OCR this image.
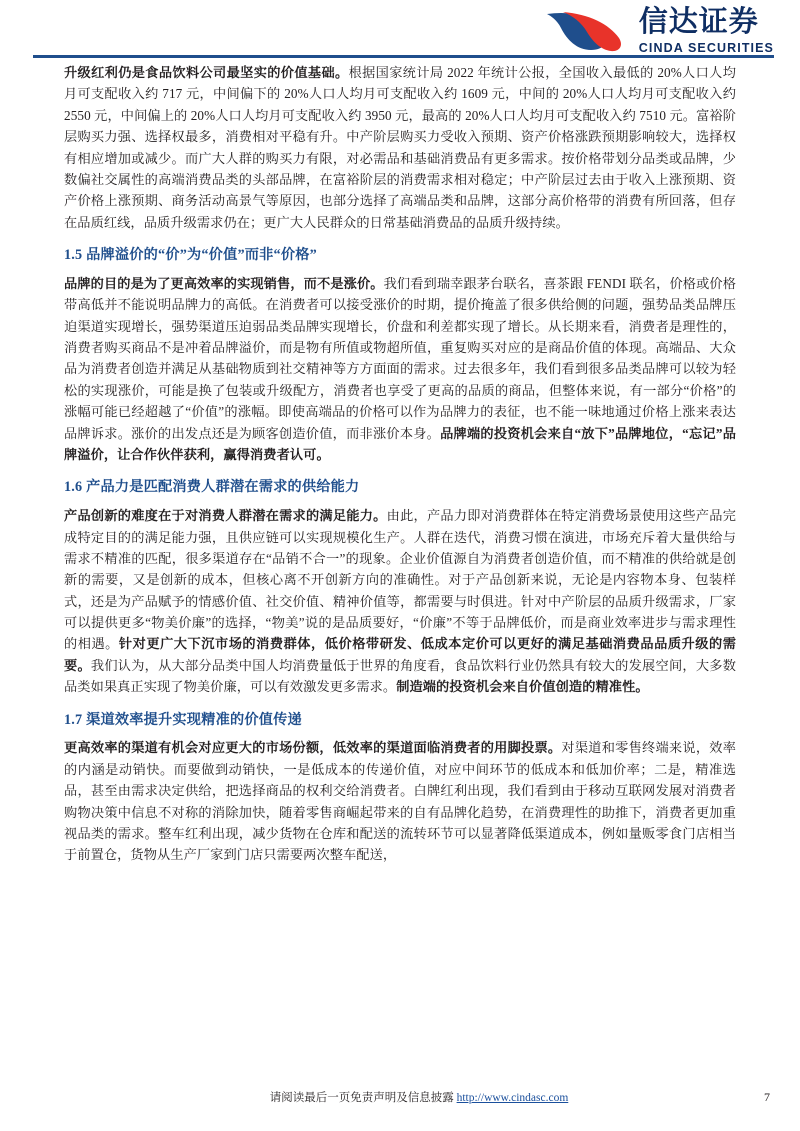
信达证券
CINDA SECURITIES

升级红利仍是食品饮料公司最坚实的价值基础。根据国家统计局 2022 年统计公报，全国收入最低的 20%人口人均月可支配收入约 717 元，中间偏下的 20%人口人均月可支配收入约 1609 元，中间的 20%人口人均月可支配收入约 2550 元，中间偏上的 20%人口人均月可支配收入约 3950 元，最高的 20%人口人均月可支配收入约 7510 元。富裕阶层购买力强、选择权最多，消费相对平稳有升。中产阶层购买力受收入预期、资产价格涨跌预期影响较大，选择权有相应增加或减少。而广大人群的购买力有限，对必需品和基础消费品有更多需求。按价格带划分品类或品牌，少数偏社交属性的高端消费品类的头部品牌，在富裕阶层的消费需求相对稳定；中产阶层过去由于收入上涨预期、资产价格上涨预期、商务活动高景气等原因，也部分选择了高端品类和品牌，这部分高价格带的消费有所回落，但存在品质红线，品质升级需求仍在；更广大人民群众的日常基础消费品的品质升级持续。

1.5 品牌溢价的“价”为“价值”而非“价格”

品牌的目的是为了更高效率的实现销售，而不是涨价。我们看到瑞幸跟茅台联名，喜茶跟 FENDI 联名，价格或价格带高低并不能说明品牌力的高低。在消费者可以接受涨价的时期，提价掩盖了很多供给侧的问题，强势品类品牌压迫渠道实现增长，强势渠道压迫弱品类品牌实现增长，价盘和利差都实现了增长。从长期来看，消费者是理性的，消费者购买商品不是冲着品牌溢价，而是物有所值或物超所值，重复购买对应的是商品价值的体现。高端品、大众品为消费者创造并满足从基础物质到社交精神等方方面面的需求。过去很多年，我们看到很多品类品牌可以较为轻松的实现涨价，可能是换了包装或升级配方，消费者也享受了更高的品质的商品，但整体来说，有一部分“价格”的涨幅可能已经超越了“价值”的涨幅。即使高端品的价格可以作为品牌力的表征，也不能一味地通过价格上涨来表达品牌诉求。涨价的出发点还是为顾客创造价值，而非涨价本身。品牌端的投资机会来自“放下”品牌地位，“忘记”品牌溢价，让合作伙伴获利，赢得消费者认可。

1.6 产品力是匹配消费人群潜在需求的供给能力

产品创新的难度在于对消费人群潜在需求的满足能力。由此，产品力即对消费群体在特定消费场景使用这些产品完成特定目的的满足能力强，且供应链可以实现规模化生产。人群在迭代，消费习惯在演进，市场充斥着大量供给与需求不精准的匹配，很多渠道存在“品销不合一”的现象。企业价值源自为消费者创造价值，而不精准的供给就是创新的需要，又是创新的成本，但核心离不开创新方向的准确性。对于产品创新来说，无论是内容物本身、包装样式，还是为产品赋予的情感价值、社交价值、精神价值等，都需要与时俱进。针对中产阶层的品质升级需求，厂家可以提供更多“物美价廉”的选择，“物美”说的是品质要好，“价廉”不等于品牌低价，而是商业效率进步与需求理性的相遇。针对更广大下沉市场的消费群体，低价格带研发、低成本定价可以更好的满足基础消费品品质升级的需要。我们认为，从大部分品类中国人均消费量低于世界的角度看，食品饮料行业仍然具有较大的发展空间，大多数品类如果真正实现了物美价廉，可以有效激发更多需求。制造端的投资机会来自价值创造的精准性。

1.7 渠道效率提升实现精准的价值传递

更高效率的渠道有机会对应更大的市场份额，低效率的渠道面临消费者的用脚投票。对渠道和零售终端来说，效率的内涵是动销快。而要做到动销快，一是低成本的传递价值，对应中间环节的低成本和低加价率；二是，精准选品，甚至由需求决定供给，把选择商品的权利交给消费者。白牌红利出现，我们看到由于移动互联网发展对消费者购物决策中信息不对称的消除加快，随着零售商崛起带来的自有品牌化趋势，在消费理性的助推下，消费者更加重视品类的需求。整车红利出现，减少货物在仓库和配送的流转环节可以显著降低渠道成本，例如量贩零食门店相当于前置仓，货物从生产厂家到门店只需要两次整车配送，

请阅读最后一页免责声明及信息披露 http://www.cindasc.com	7
